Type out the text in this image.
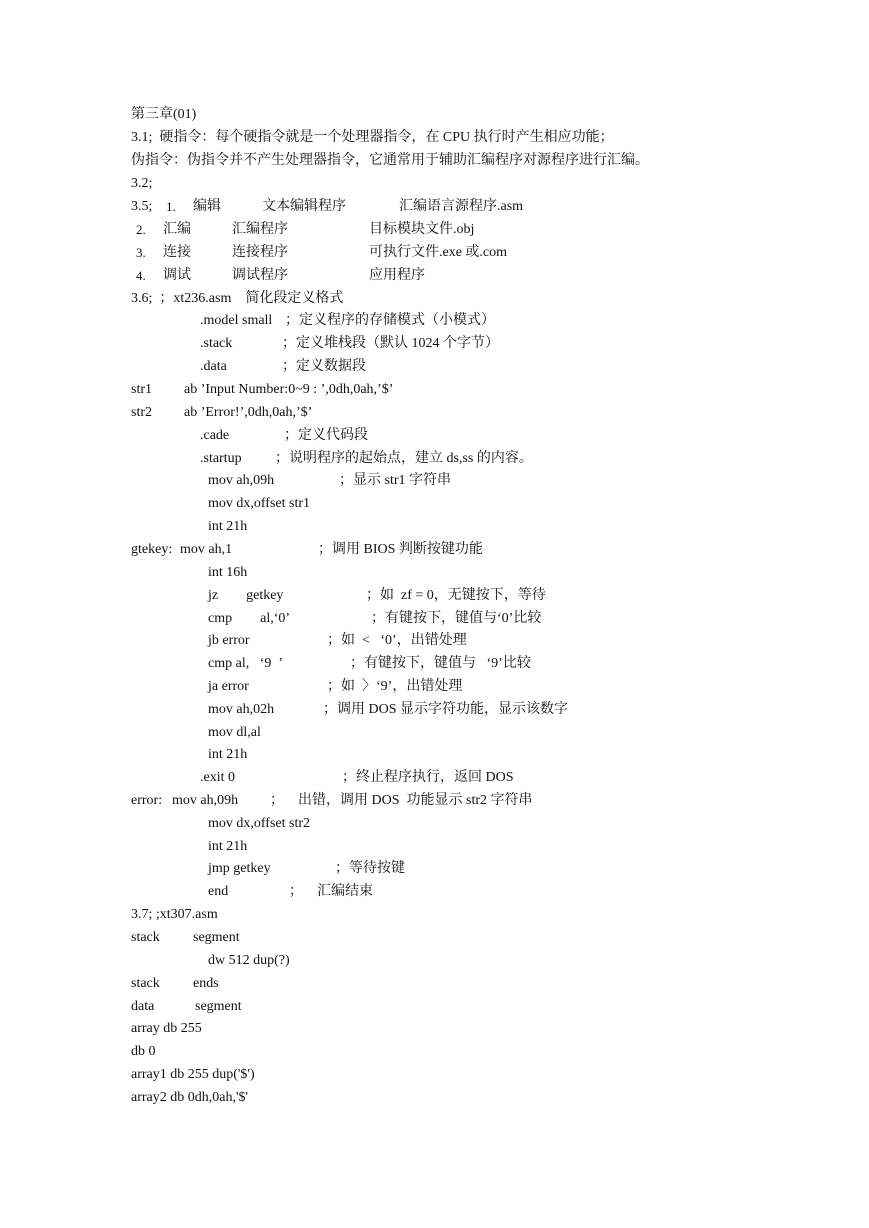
第三章(01)
3.1;  硬指令：每个硬指令就是一个处理器指令，在 CPU 执行时产生相应功能；
伪指令：伪指令并不产生处理器指令，它通常用于辅助汇编程序对源程序进行汇编。
3.2;
3.5; 1. 编辑	文本编辑程序	汇编语言源程序.asm
2. 汇编	汇编程序	目标模块文件.obj
3. 连接	连接程序	可执行文件.exe 或.com
4. 调试	调试程序	应用程序
3.6;  ；xt236.asm    简化段定义格式
.model small ；定义程序的存储模式（小模式）
.stack	；定义堆栈段（默认 1024 个字节）
.data	；定义数据段
str1 ab ’Input Number:0~9 : ’,0dh,0ah,’$’
str2 ab ’Error!’,0dh,0ah,’$’
.cade	；定义代码段
.startup ；说明程序的起始点，建立 ds,ss 的内容。
mov ah,09h	；显示 str1 字符串
mov dx,offset str1
int 21h
gtekey: mov ah,1	；调用 BIOS 判断按键功能
int 16h
jz        getkey	；如  zf = 0，无键按下，等待
cmp        al,‘0’	；有键按下，键值与‘0’比较
jb error	；如  <   ‘0’，出错处理
cmp al,   ‘9  ’	；有键按下，键值与   ‘9’比较
ja error	；如  〉‘9’，出错处理
mov ah,02h	；调用 DOS 显示字符功能，显示该数字
mov dl,al
int 21h
.exit 0	；终止程序执行，返回 DOS
error: mov ah,09h ；    出错，调用 DOS  功能显示 str2 字符串
mov dx,offset str2
int 21h
jmp getkey	；等待按键
end	；    汇编结束
3.7; ;xt307.asm
stack segment
dw 512 dup(?)
stack ends
data	segment
array db 255
db 0
array1 db 255 dup('$')
array2 db 0dh,0ah,'$'
